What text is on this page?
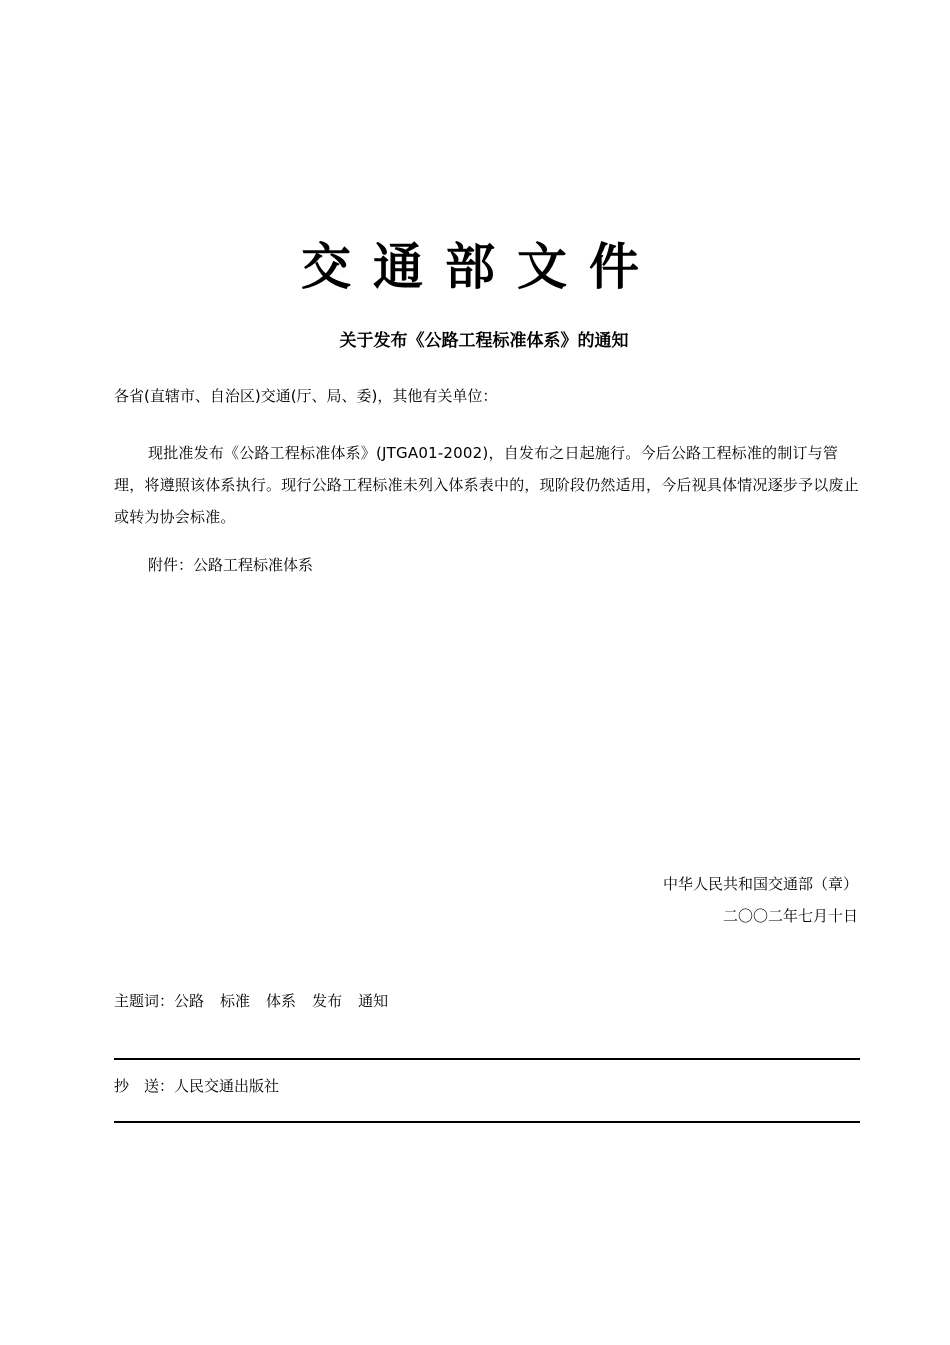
交通部文件
关于发布《公路工程标准体系》的通知
各省(直辖市、自治区)交通(厅、局、委)，其他有关单位：
现批准发布《公路工程标准体系》(JTGA01-2002)，自发布之日起施行。今后公路工程标准的制订与管理，将遵照该体系执行。现行公路工程标准未列入体系表中的，现阶段仍然适用，今后视具体情况逐步予以废止或转为协会标准。
附件：公路工程标准体系
中华人民共和国交通部（章）
二〇〇二年七月十日
主题词：公路 标准 体系 发布 通知
抄　送：人民交通出版社
